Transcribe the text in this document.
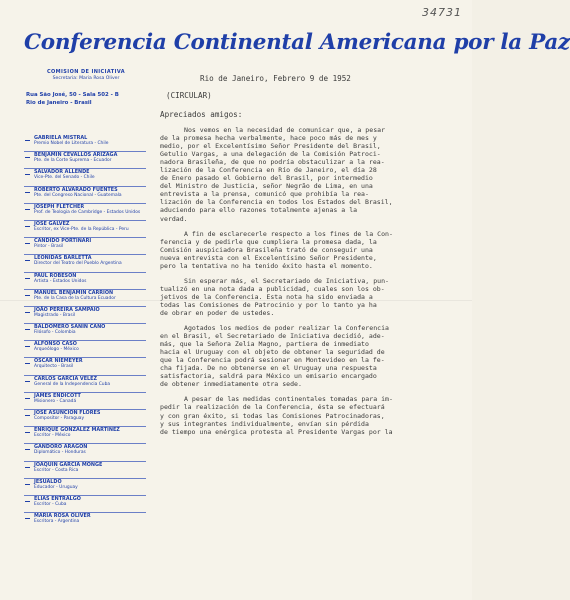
34731
Conferencia Continental Americana por la Paz
COMISION DE INICIATIVA
Secretaria: Maria Rosa Oliver
Rua São José, 50 - Sala 502 - B
Rio de Janeiro - Brasil
GABRIELA MISTRAL
Premio Nobel de Literatura - Chile
BENJAMIN CEVALLOS ARIZAGA
Pte. de la Corte Suprema - Ecuador
SALVADOR ALLENDE
Vice-Pte. del Senado - Chile
ROBERTO ALVARADO FUENTES
Pte. del Congreso Nacional - Guatemala
JOSEPH FLETCHER
Prof. de Teologia de Cambridge - Estados Unidos
JOSE GALVEZ
Escritor, ex Vice-Pte. de la República - Peru
CANDIDO PORTINARI
Pintor - Brasil
LEONIDAS BARLETTA
Director del Teatro del Pueblo Argentina
PAUL ROBESON
Artista - Estados Unidos
MANUEL BENJAMIN CARRION
Pte. de la Casa de la Cultura Ecuador
JOÃO PEREIRA SAMPAIO
Magistrado - Brasil
BALDOMERO SANIN CANO
Filósofo - Colombia
ALFONSO CASO
Arqueólogo - México
OSCAR NIEMEYER
Arquitecto - Brasil
CARLOS GARCIA VELEZ
General de la Independencia Cuba
JAMES ENDICOTT
Misionero - Canadá
JOSE ASUNCION FLORES
Compositor - Paraguay
ENRIQUE GONZALEZ MARTINEZ
Escritor - México
GANDORO ARAGON
Diplomático - Honduras
JOAQUIN GARCIA MONGE
Escritor - Costa Rica
JESUALDO
Educador - Uruguay
ELIAS ENTRALGO
Escritor - Cuba
MARIA ROSA OLIVER
Escritora - Argentina
Rio de Janeiro, Febrero 9 de 1952
(CIRCULAR)
Apreciados amigos:
Nos vemos en la necesidad de comunicar que, a pesar
de la promesa hecha verbalmente, hace poco más de mes y
medio, por el Excelentísimo Señor Presidente del Brasil,
Getulio Vargas, a una delegación de la Comisión Patroci-
nadora Brasileña, de que no podría obstaculizar a la rea-
lización de la Conferencia en Río de Janeiro, el día 28
de Enero pasado el Gobierno del Brasil, por intermedio
del Ministro de Justicia, señor Negrão de Lima, en una
entrevista a la prensa, comunicó que prohibía la rea-
lización de la Conferencia en todos los Estados del Brasil,
aduciendo para ello razones totalmente ajenas a la
verdad.
A fin de esclarecerle respecto a los fines de la Con-
ferencia y de pedirle que cumpliera la promesa dada, la
Comisión auspiciadora Brasileña trató de conseguir una
nueva entrevista con el Excelentísimo Señor Presidente,
pero la tentativa no ha tenido éxito hasta el momento.
Sin esperar más, el Secretariado de Iniciativa, pun-
tualizó en una nota dada a publicidad, cuales son los ob-
jetivos de la Conferencia. Esta nota ha sido enviada a
todas las Comisiones de Patrocinio y por lo tanto ya ha
de obrar en poder de ustedes.
Agotados los medios de poder realizar la Conferencia
en el Brasil, el Secretariado de Iniciativa decidió, ade-
más, que la Señora Zelia Magno, partiera de inmediato
hacia el Uruguay con el objeto de obtener la seguridad de
que la Conferencia podrá sesionar en Montevideo en la fe-
cha fijada. De no obtenerse en el Uruguay una respuesta
satisfactoria, saldrá para México un emisario encargado
de obtener inmediatamente otra sede.
A pesar de las medidas continentales tomadas para im-
pedir la realización de la Conferencia, ésta se efectuará
y con gran éxito, si todas las Comisiones Patrocinadoras,
y sus integrantes individualmente, envían sin pérdida
de tiempo una enérgica protesta al Presidente Vargas por la
